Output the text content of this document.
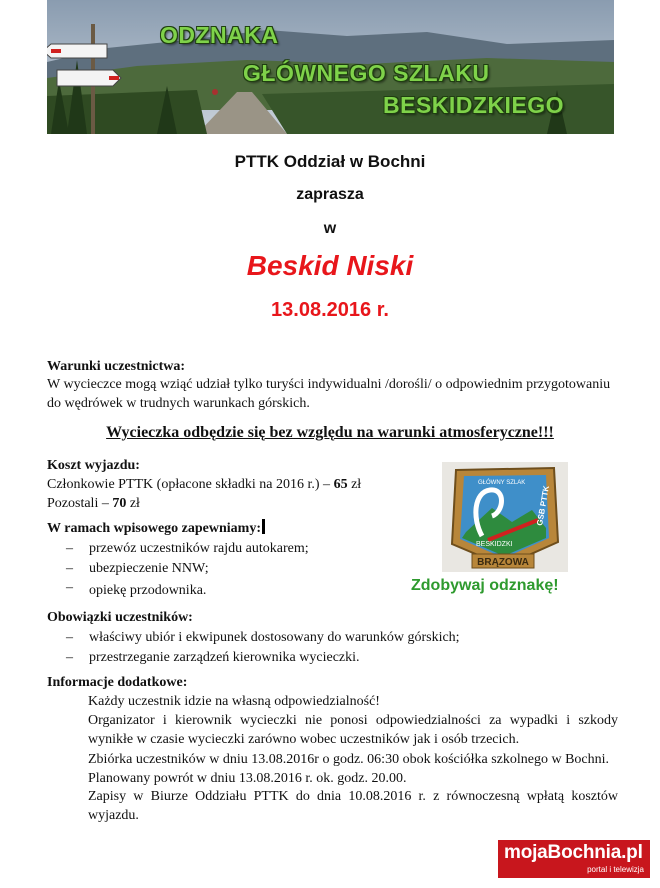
ODZNAKA
GŁÓWNEGO SZLAKU
BESKIDZKIEGO
PTTK Oddział w Bochni
zaprasza
w
Beskid Niski
13.08.2016 r.
Warunki uczestnictwa:
W wycieczce mogą wziąć udział tylko turyści indywidualni /dorośli/ o odpowiednim przygotowaniu
do wędrówek w trudnych warunkach górskich.
Wycieczka odbędzie się bez względu na warunki atmosferyczne!!!
Koszt wyjazdu:
Członkowie PTTK (opłacone składki na 2016 r.) – 65 zł
Pozostali – 70 zł
W ramach wpisowego zapewniamy:
– przewóz uczestników rajdu autokarem;
– ubezpieczenie NNW;
– opiekę przodownika.
GŁÓWNY SZLAK
GSB PTTK
BESKIDZKI
BRĄZOWA
Zdobywaj odznakę!
Obowiązki uczestników:
– właściwy ubiór i ekwipunek dostosowany do warunków górskich;
– przestrzeganie zarządzeń kierownika wycieczki.
Informacje dodatkowe:
Każdy uczestnik idzie na własną odpowiedzialność!
Organizator i kierownik wycieczki nie ponosi odpowiedzialności za wypadki i szkody
wynikłe w czasie wycieczki zarówno wobec uczestników jak i osób trzecich.
Zbiórka uczestników w dniu 13.08.2016r o godz. 06:30 obok kościółka szkolnego w Bochni.
Planowany powrót w dniu 13.08.2016 r. ok. godz. 20.00.
Zapisy w Biurze Oddziału PTTK do dnia 10.08.2016 r. z równoczesną wpłatą kosztów
wyjazdu.
mojaBochnia.pl
portal i telewizja
